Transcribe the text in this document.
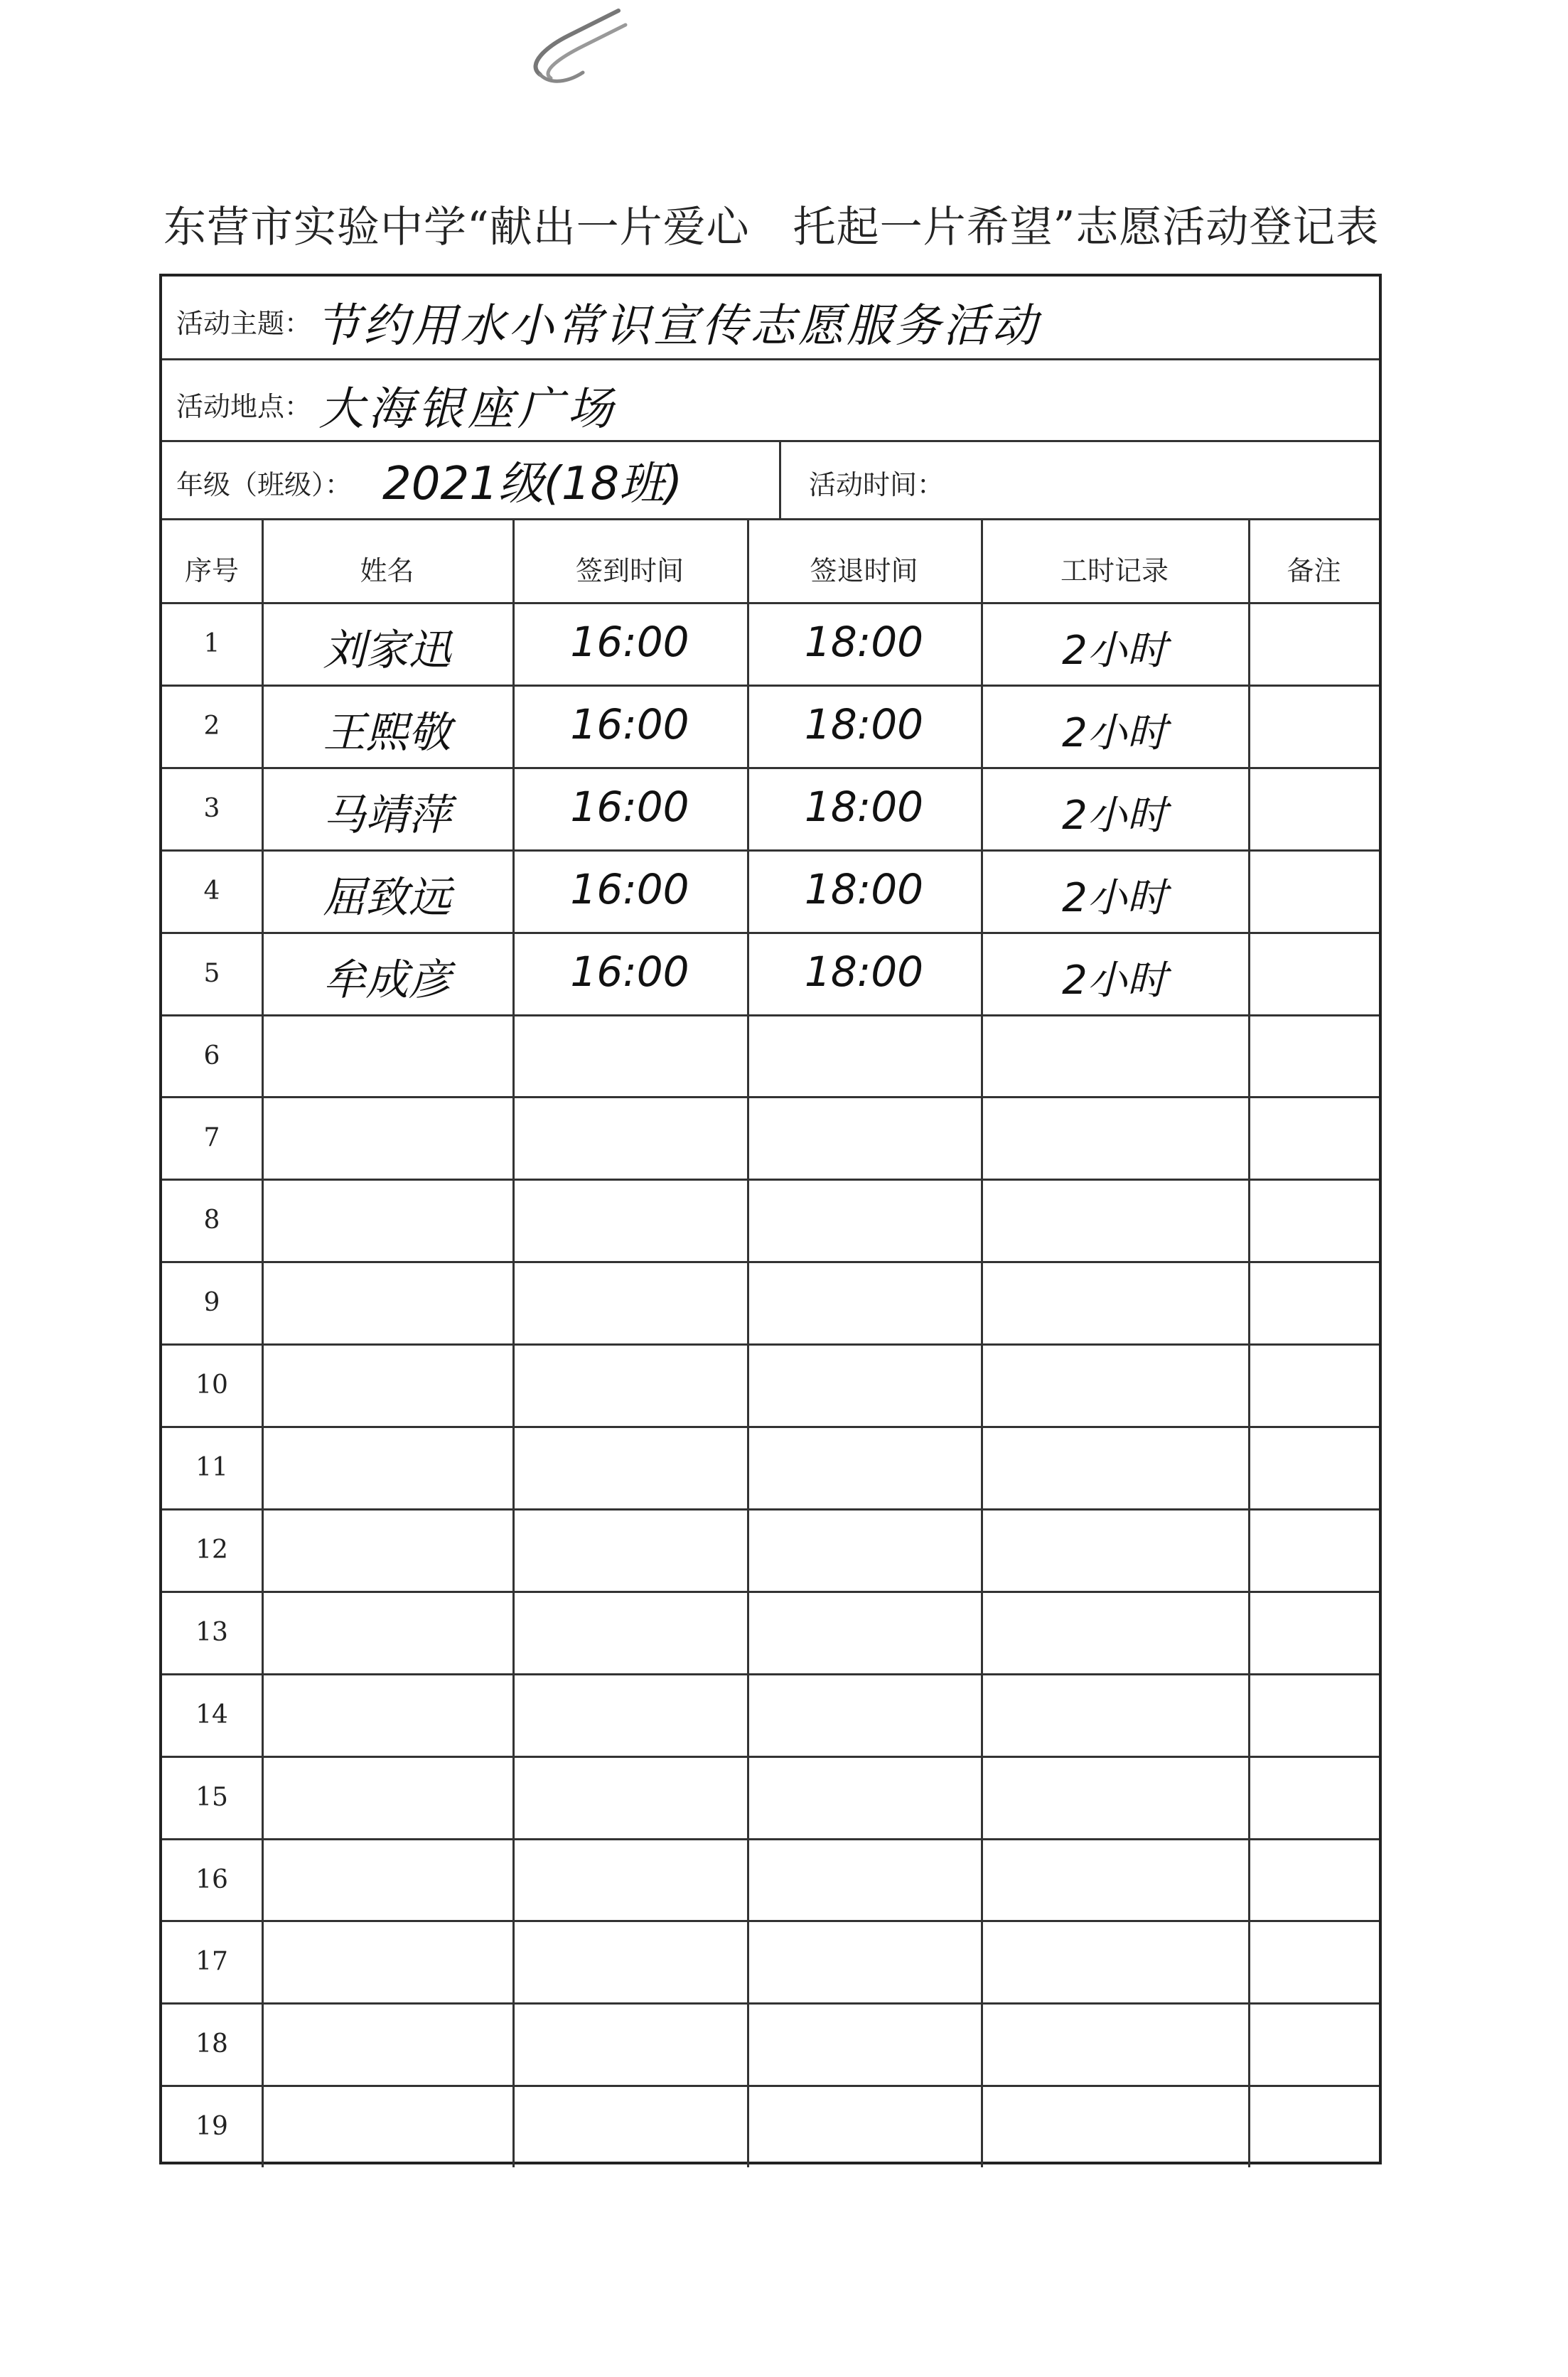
东营市实验中学“献出一片爱心　托起一片希望”志愿活动登记表
活动主题： 节约用水小常识宣传志愿服务活动
活动地点： 大海银座广场
年级（班级）： 2021级(18班)	活动时间：
序号	姓名	签到时间	签退时间	工时记录	备注
1	刘家迅	16:00	18:00	2小时
2	王熙敬	16:00	18:00	2小时
3	马靖萍	16:00	18:00	2小时
4	屈致远	16:00	18:00	2小时
5	牟成彦	16:00	18:00	2小时
6
7
8
9
10
11
12
13
14
15
16
17
18
19
